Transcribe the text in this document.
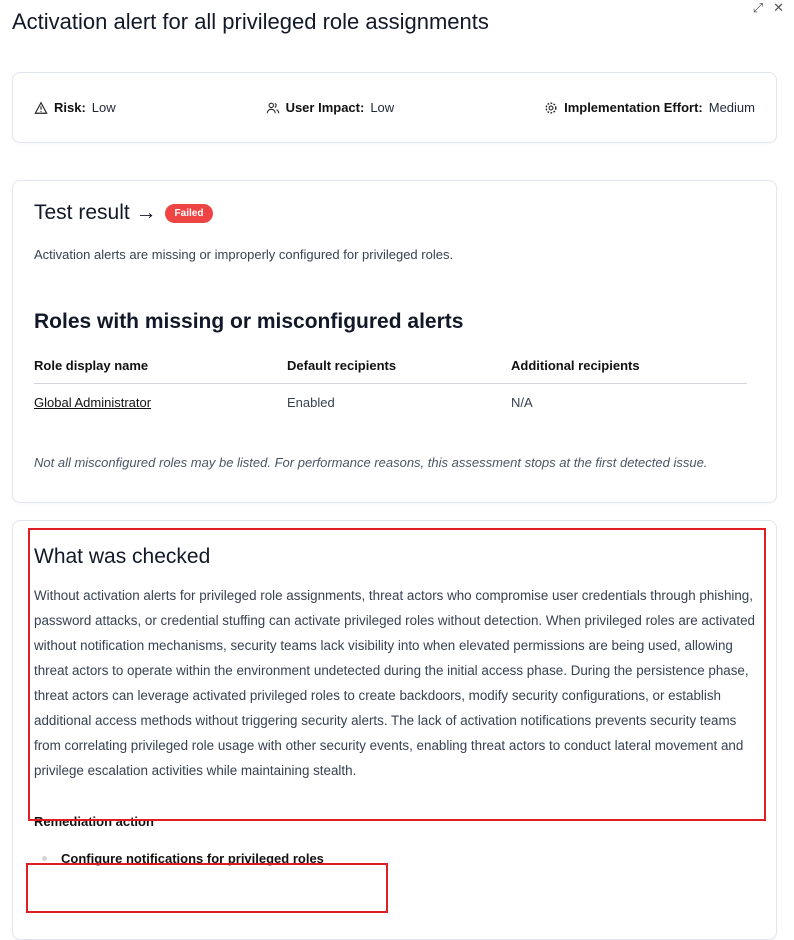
Activation alert for all privileged role assignments
⤢ ✕
Risk: Low	User Impact: Low	Implementation Effort: Medium
Test result →	Failed
Activation alerts are missing or improperly configured for privileged roles.
Roles with missing or misconfigured alerts
Role display name	Default recipients	Additional recipients
Global Administrator	Enabled	N/A
Not all misconfigured roles may be listed. For performance reasons, this assessment stops at the first detected issue.
What was checked
Without activation alerts for privileged role assignments, threat actors who compromise user credentials through phishing, password attacks, or credential stuffing can activate privileged roles without detection. When privileged roles are activated without notification mechanisms, security teams lack visibility into when elevated permissions are being used, allowing threat actors to operate within the environment undetected during the initial access phase. During the persistence phase, threat actors can leverage activated privileged roles to create backdoors, modify security configurations, or establish additional access methods without triggering security alerts. The lack of activation notifications prevents security teams from correlating privileged role usage with other security events, enabling threat actors to conduct lateral movement and privilege escalation activities while maintaining stealth.
Remediation action
Configure notifications for privileged roles
